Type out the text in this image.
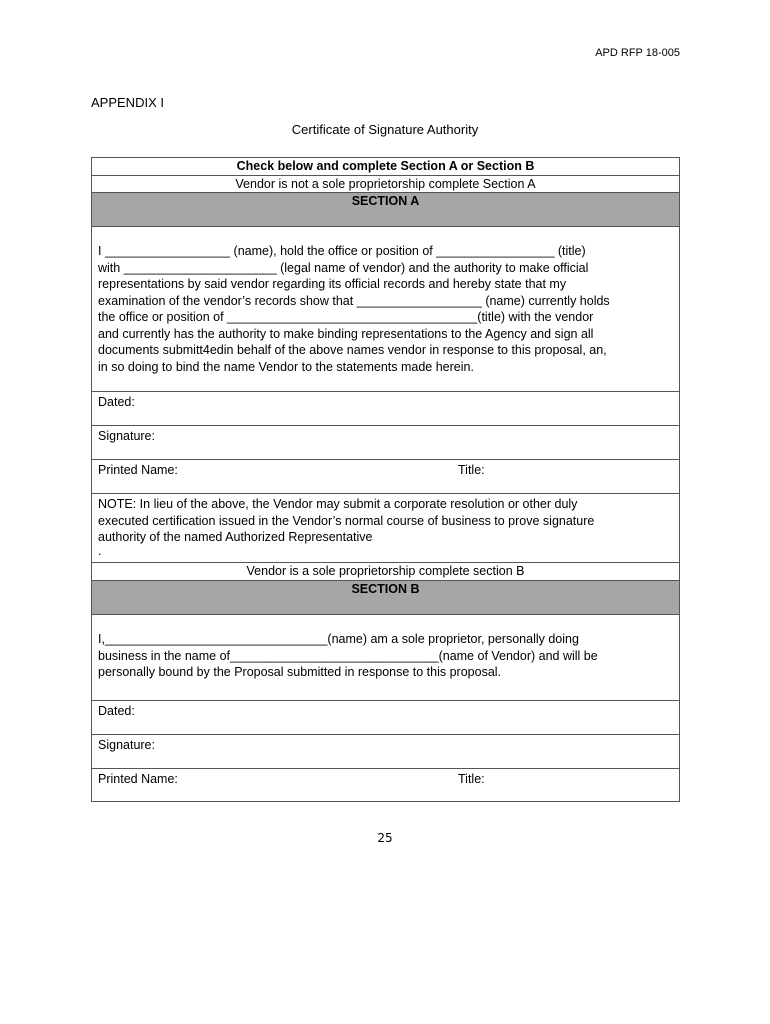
APD RFP 18-005
APPENDIX I
Certificate of Signature Authority
Check below and complete Section A or Section B
Vendor is not a sole proprietorship complete Section A
SECTION A

I __________________ (name), hold the office or position of _________________ (title)
with ______________________ (legal name of vendor) and the authority to make official
representations by said vendor regarding its official records and hereby state that my
examination of the vendor’s records show that __________________ (name) currently holds
the office or position of ____________________________________(title) with the vendor
and currently has the authority to make binding representations to the Agency and sign all
documents submitt4edin behalf of the above names vendor in response to this proposal, an,
in so doing to bind the name Vendor to the statements made herein.

Dated:
Signature:

Printed Name:	Title:

NOTE: In lieu of the above, the Vendor may submit a corporate resolution or other duly
executed certification issued in the Vendor’s normal course of business to prove signature
authority of the named Authorized Representative
.

Vendor is a sole proprietorship complete section B
SECTION B

I,________________________________(name) am a sole proprietor, personally doing
business in the name of______________________________(name of Vendor) and will be
personally bound by the Proposal submitted in response to this proposal.

Dated:
Signature:

Printed Name:	Title:
25
